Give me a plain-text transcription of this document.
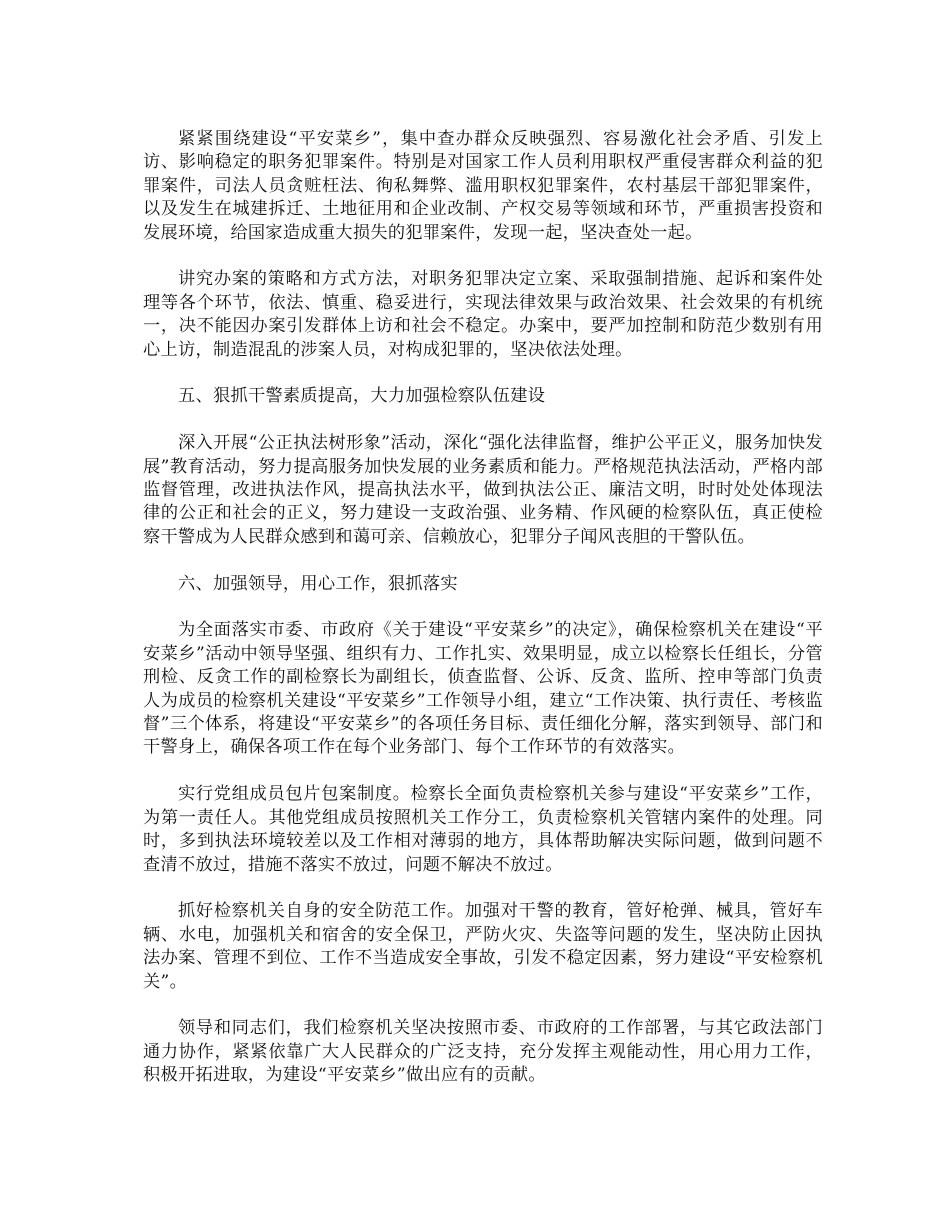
紧紧围绕建设“平安菜乡”，集中查办群众反映强烈、容易激化社会矛盾、引发上访、影响稳定的职务犯罪案件。特别是对国家工作人员利用职权严重侵害群众利益的犯罪案件，司法人员贪赃枉法、徇私舞弊、滥用职权犯罪案件，农村基层干部犯罪案件，以及发生在城建拆迁、土地征用和企业改制、产权交易等领域和环节，严重损害投资和发展环境，给国家造成重大损失的犯罪案件，发现一起，坚决查处一起。

讲究办案的策略和方式方法，对职务犯罪决定立案、采取强制措施、起诉和案件处理等各个环节，依法、慎重、稳妥进行，实现法律效果与政治效果、社会效果的有机统一，决不能因办案引发群体上访和社会不稳定。办案中，要严加控制和防范少数别有用心上访，制造混乱的涉案人员，对构成犯罪的，坚决依法处理。

五、狠抓干警素质提高，大力加强检察队伍建设

深入开展“公正执法树形象”活动，深化“强化法律监督，维护公平正义，服务加快发展”教育活动，努力提高服务加快发展的业务素质和能力。严格规范执法活动，严格内部监督管理，改进执法作风，提高执法水平，做到执法公正、廉洁文明，时时处处体现法律的公正和社会的正义，努力建设一支政治强、业务精、作风硬的检察队伍，真正使检察干警成为人民群众感到和蔼可亲、信赖放心，犯罪分子闻风丧胆的干警队伍。

六、加强领导，用心工作，狠抓落实

为全面落实市委、市政府《关于建设“平安菜乡”的决定》，确保检察机关在建设“平安菜乡”活动中领导坚强、组织有力、工作扎实、效果明显，成立以检察长任组长，分管刑检、反贪工作的副检察长为副组长，侦查监督、公诉、反贪、监所、控申等部门负责人为成员的检察机关建设“平安菜乡”工作领导小组，建立“工作决策、执行责任、考核监督”三个体系，将建设“平安菜乡”的各项任务目标、责任细化分解，落实到领导、部门和干警身上，确保各项工作在每个业务部门、每个工作环节的有效落实。

实行党组成员包片包案制度。检察长全面负责检察机关参与建设“平安菜乡”工作，为第一责任人。其他党组成员按照机关工作分工，负责检察机关管辖内案件的处理。同时，多到执法环境较差以及工作相对薄弱的地方，具体帮助解决实际问题，做到问题不查清不放过，措施不落实不放过，问题不解决不放过。

抓好检察机关自身的安全防范工作。加强对干警的教育，管好枪弹、械具，管好车辆、水电，加强机关和宿舍的安全保卫，严防火灾、失盗等问题的发生，坚决防止因执法办案、管理不到位、工作不当造成安全事故，引发不稳定因素，努力建设“平安检察机关”。

领导和同志们，我们检察机关坚决按照市委、市政府的工作部署，与其它政法部门通力协作，紧紧依靠广大人民群众的广泛支持，充分发挥主观能动性，用心用力工作，积极开拓进取，为建设“平安菜乡”做出应有的贡献。
